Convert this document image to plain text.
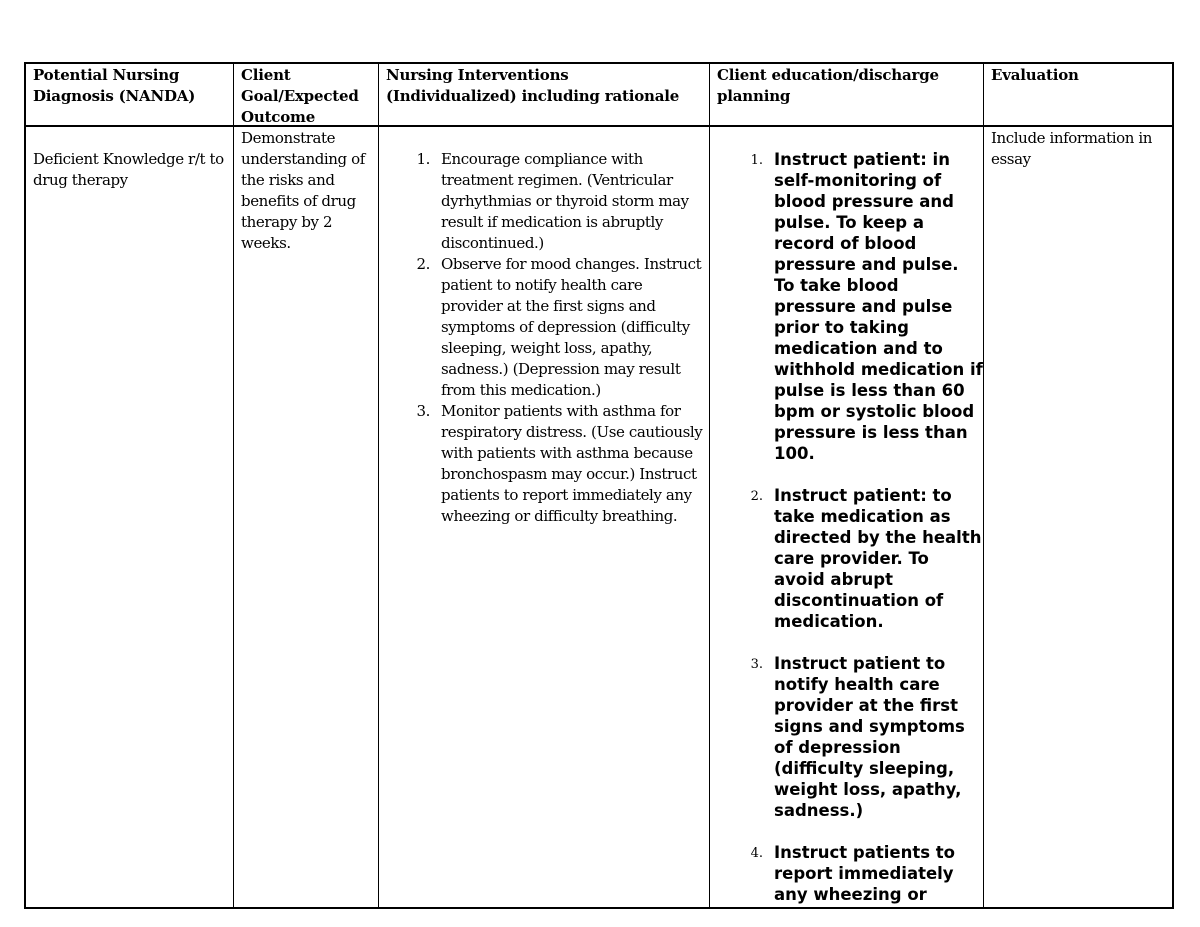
Potential Nursing Diagnosis (NANDA)
Client Goal/Expected Outcome
Nursing Interventions (Individualized) including rationale
Client education/discharge planning
Evaluation
Deficient Knowledge r/t to drug therapy
Demonstrate understanding of the risks and benefits of drug therapy by 2 weeks.
1. Encourage compliance with treatment regimen. (Ventricular dyrhythmias or thyroid storm may result if medication is abruptly discontinued.)
2. Observe for mood changes. Instruct patient to notify health care provider at the first signs and symptoms of depression (difficulty sleeping, weight loss, apathy, sadness.) (Depression may result from this medication.)
3. Monitor patients with asthma for respiratory distress. (Use cautiously with patients with asthma because bronchospasm may occur.) Instruct patients to report immediately any wheezing or difficulty breathing.
1. Instruct patient: in self-monitoring of blood pressure and pulse. To keep a record of blood pressure and pulse. To take blood pressure and pulse prior to taking medication and to withhold medication if pulse is less than 60 bpm or systolic blood pressure is less than 100.
2. Instruct patient: to take medication as directed by the health care provider. To avoid abrupt discontinuation of medication.
3. Instruct patient to notify health care provider at the first signs and symptoms of depression (difficulty sleeping, weight loss, apathy, sadness.)
4. Instruct patients to report immediately any wheezing or
Include information in essay
